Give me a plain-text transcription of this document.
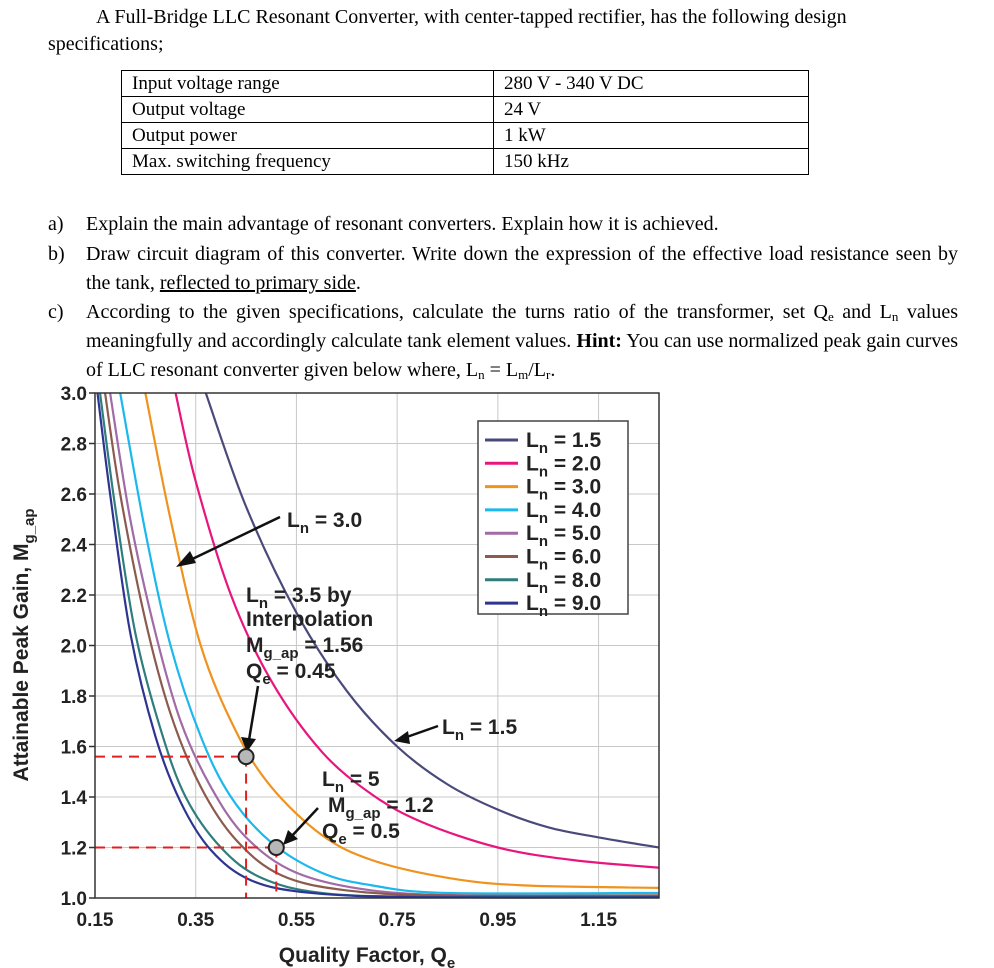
A Full-Bridge LLC Resonant Converter, with center-tapped rectifier, has the following design
specifications;
Input voltage range	280 V - 340 V DC
Output voltage	24 V
Output power	1 kW
Max. switching frequency	150 kHz
a)	Explain the main advantage of resonant converters. Explain how it is achieved.
b)	Draw circuit diagram of this converter. Write down the expression of the effective load resistance seen by the tank, reflected to primary side.
c)	According to the given specifications, calculate the turns ratio of the transformer, set $Q_e$ and $L_n$ values meaningfully and accordingly calculate tank element values. Hint: You can use normalized peak gain curves of LLC resonant converter given below where, $L_n = L_m/L_r$.
1.0
1.2
1.4
1.6
1.8
2.0
2.2
2.4
2.6
2.8
3.0
0.15	0.35	0.55	0.75	0.95	1.15
Quality Factor, $Q_e$
Attainable Peak Gain, $M_{g\_ap}$
$L_n = 1.5$
$L_n = 2.0$
$L_n = 3.0$
$L_n = 4.0$
$L_n = 5.0$
$L_n = 6.0$
$L_n = 8.0$
$L_n = 9.0$
$L_n = 3.0$
$L_n = 3.5$ by
Interpolation
$M_{g\_ap} = 1.56$
$Q_e = 0.45$
$L_n = 1.5$
$L_n = 5$
$M_{g\_ap} = 1.2$
$Q_e = 0.5$
